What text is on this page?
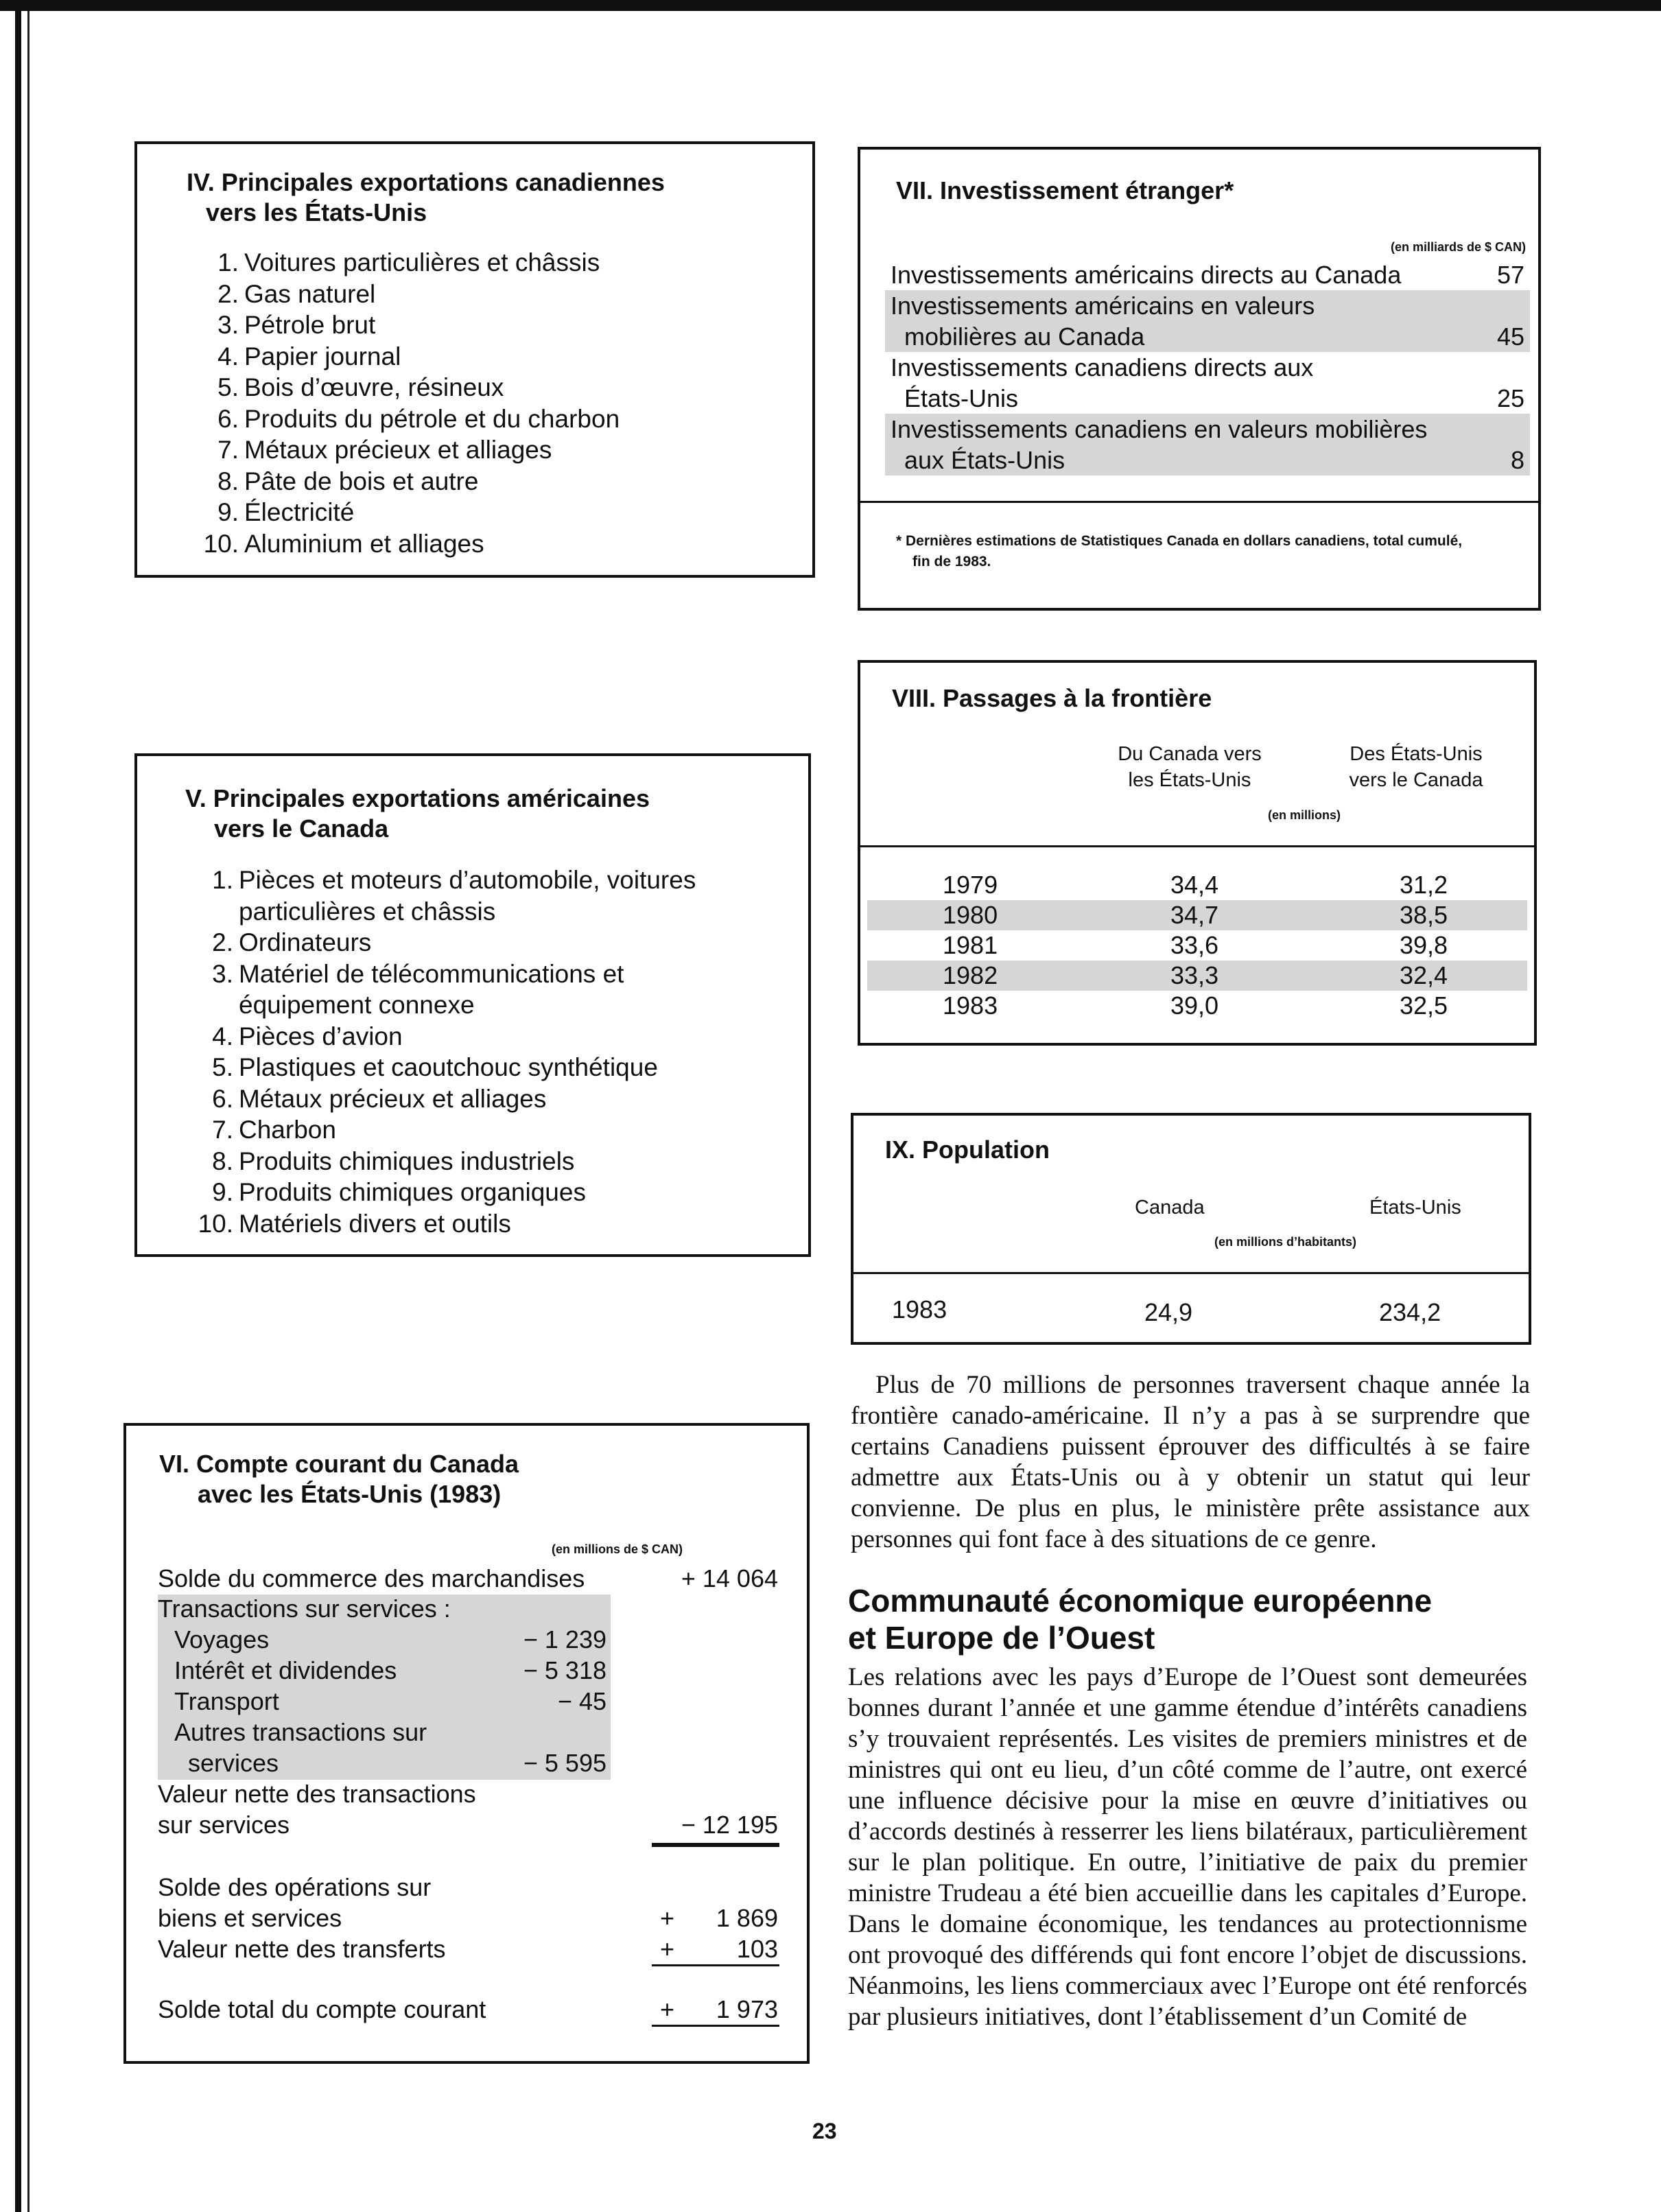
IV. Principales exportations canadiennes
vers les États-Unis
1. Voitures particulières et châssis
2. Gas naturel
3. Pétrole brut
4. Papier journal
5. Bois d’œuvre, résineux
6. Produits du pétrole et du charbon
7. Métaux précieux et alliages
8. Pâte de bois et autre
9. Électricité
10. Aluminium et alliages
V. Principales exportations américaines
vers le Canada
1. Pièces et moteurs d’automobile, voitures
particulières et châssis
2. Ordinateurs
3. Matériel de télécommunications et
équipement connexe
4. Pièces d’avion
5. Plastiques et caoutchouc synthétique
6. Métaux précieux et alliages
7. Charbon
8. Produits chimiques industriels
9. Produits chimiques organiques
10. Matériels divers et outils
VI. Compte courant du Canada
avec les États-Unis (1983)
(en millions de $ CAN)
Solde du commerce des marchandises	+ 14 064
Transactions sur services :
Voyages	− 1 239
Intérêt et dividendes	− 5 318
Transport	− 45
Autres transactions sur
services	− 5 595
Valeur nette des transactions
sur services	− 12 195
Solde des opérations sur
biens et services	+	1 869
Valeur nette des transferts	+	103
Solde total du compte courant	+	1 973
VII. Investissement étranger*
(en milliards de $ CAN)
Investissements américains directs au Canada	57
Investissements américains en valeurs
mobilières au Canada	45
Investissements canadiens directs aux
États-Unis	25
Investissements canadiens en valeurs mobilières
aux États-Unis	8
* Dernières estimations de Statistiques Canada en dollars canadiens, total cumulé,
fin de 1983.
VIII. Passages à la frontière
Du Canada vers
les États-Unis
Des États-Unis
vers le Canada
(en millions)
1979	34,4	31,2
1980	34,7	38,5
1981	33,6	39,8
1982	33,3	32,4
1983	39,0	32,5
IX. Population
Canada	États-Unis
(en millions d’habitants)
1983	24,9	234,2
Plus de 70 millions de personnes traversent chaque année la frontière canado-américaine. Il n’y a pas à se surprendre que certains Canadiens puissent éprouver des difficultés à se faire admettre aux États-Unis ou à y obtenir un statut qui leur convienne. De plus en plus, le ministère prête assistance aux personnes qui font face à des situations de ce genre.
Communauté économique européenne
et Europe de l’Ouest
Les relations avec les pays d’Europe de l’Ouest sont demeurées bonnes durant l’année et une gamme étendue d’intérêts canadiens s’y trouvaient représentés. Les visites de premiers ministres et de ministres qui ont eu lieu, d’un côté comme de l’autre, ont exercé une influence décisive pour la mise en œuvre d’initiatives ou d’accords destinés à resserrer les liens bilatéraux, particulièrement sur le plan politique. En outre, l’initiative de paix du premier ministre Trudeau a été bien accueillie dans les capitales d’Europe. Dans le domaine économique, les tendances au protectionnisme ont provoqué des différends qui font encore l’objet de discussions. Néanmoins, les liens commerciaux avec l’Europe ont été renforcés par plusieurs initiatives, dont l’établissement d’un Comité de
23
